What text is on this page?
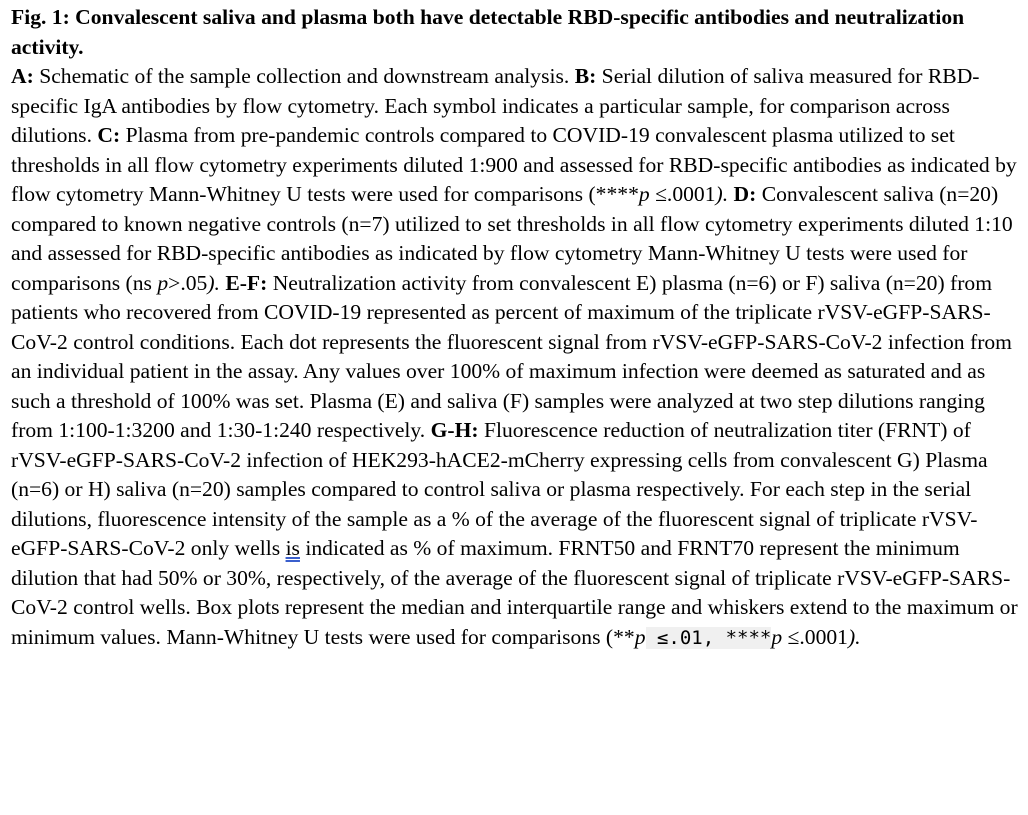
Fig. 1: Convalescent saliva and plasma both have detectable RBD-specific antibodies and neutralization activity.
A: Schematic of the sample collection and downstream analysis. B: Serial dilution of saliva measured for RBD-specific IgA antibodies by flow cytometry. Each symbol indicates a particular sample, for comparison across dilutions. C: Plasma from pre-pandemic controls compared to COVID-19 convalescent plasma utilized to set thresholds in all flow cytometry experiments diluted 1:900 and assessed for RBD-specific antibodies as indicated by flow cytometry Mann-Whitney U tests were used for comparisons (****p ≤.0001). D: Convalescent saliva (n=20) compared to known negative controls (n=7) utilized to set thresholds in all flow cytometry experiments diluted 1:10 and assessed for RBD-specific antibodies as indicated by flow cytometry Mann-Whitney U tests were used for comparisons (ns p>.05). E-F: Neutralization activity from convalescent E) plasma (n=6) or F) saliva (n=20) from patients who recovered from COVID-19 represented as percent of maximum of the triplicate rVSV-eGFP-SARS-CoV-2 control conditions. Each dot represents the fluorescent signal from rVSV-eGFP-SARS-CoV-2 infection from an individual patient in the assay. Any values over 100% of maximum infection were deemed as saturated and as such a threshold of 100% was set. Plasma (E) and saliva (F) samples were analyzed at two step dilutions ranging from 1:100-1:3200 and 1:30-1:240 respectively. G-H: Fluorescence reduction of neutralization titer (FRNT) of rVSV-eGFP-SARS-CoV-2 infection of HEK293-hACE2-mCherry expressing cells from convalescent G) Plasma (n=6) or H) saliva (n=20) samples compared to control saliva or plasma respectively. For each step in the serial dilutions, fluorescence intensity of the sample as a % of the average of the fluorescent signal of triplicate rVSV-eGFP-SARS-CoV-2 only wells is indicated as % of maximum. FRNT50 and FRNT70 represent the minimum dilution that had 50% or 30%, respectively, of the average of the fluorescent signal of triplicate rVSV-eGFP-SARS-CoV-2 control wells. Box plots represent the median and interquartile range and whiskers extend to the maximum or minimum values. Mann-Whitney U tests were used for comparisons (**p ≤.01, ****p ≤.0001).
